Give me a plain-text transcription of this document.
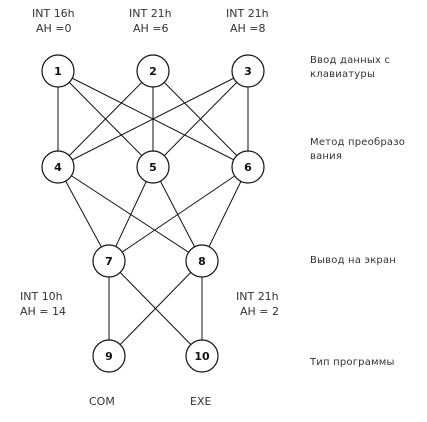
1	2	3
4	5	6
7	8
9	10
INT 16h
AH =0
INT 21h
AH =6
INT 21h
AH =8
INT 10h
AH = 14
INT 21h
AH = 2
COM	EXE
Ввод данных с клавиатуры
Метод преобразования
Вывод на экран
Тип программы
